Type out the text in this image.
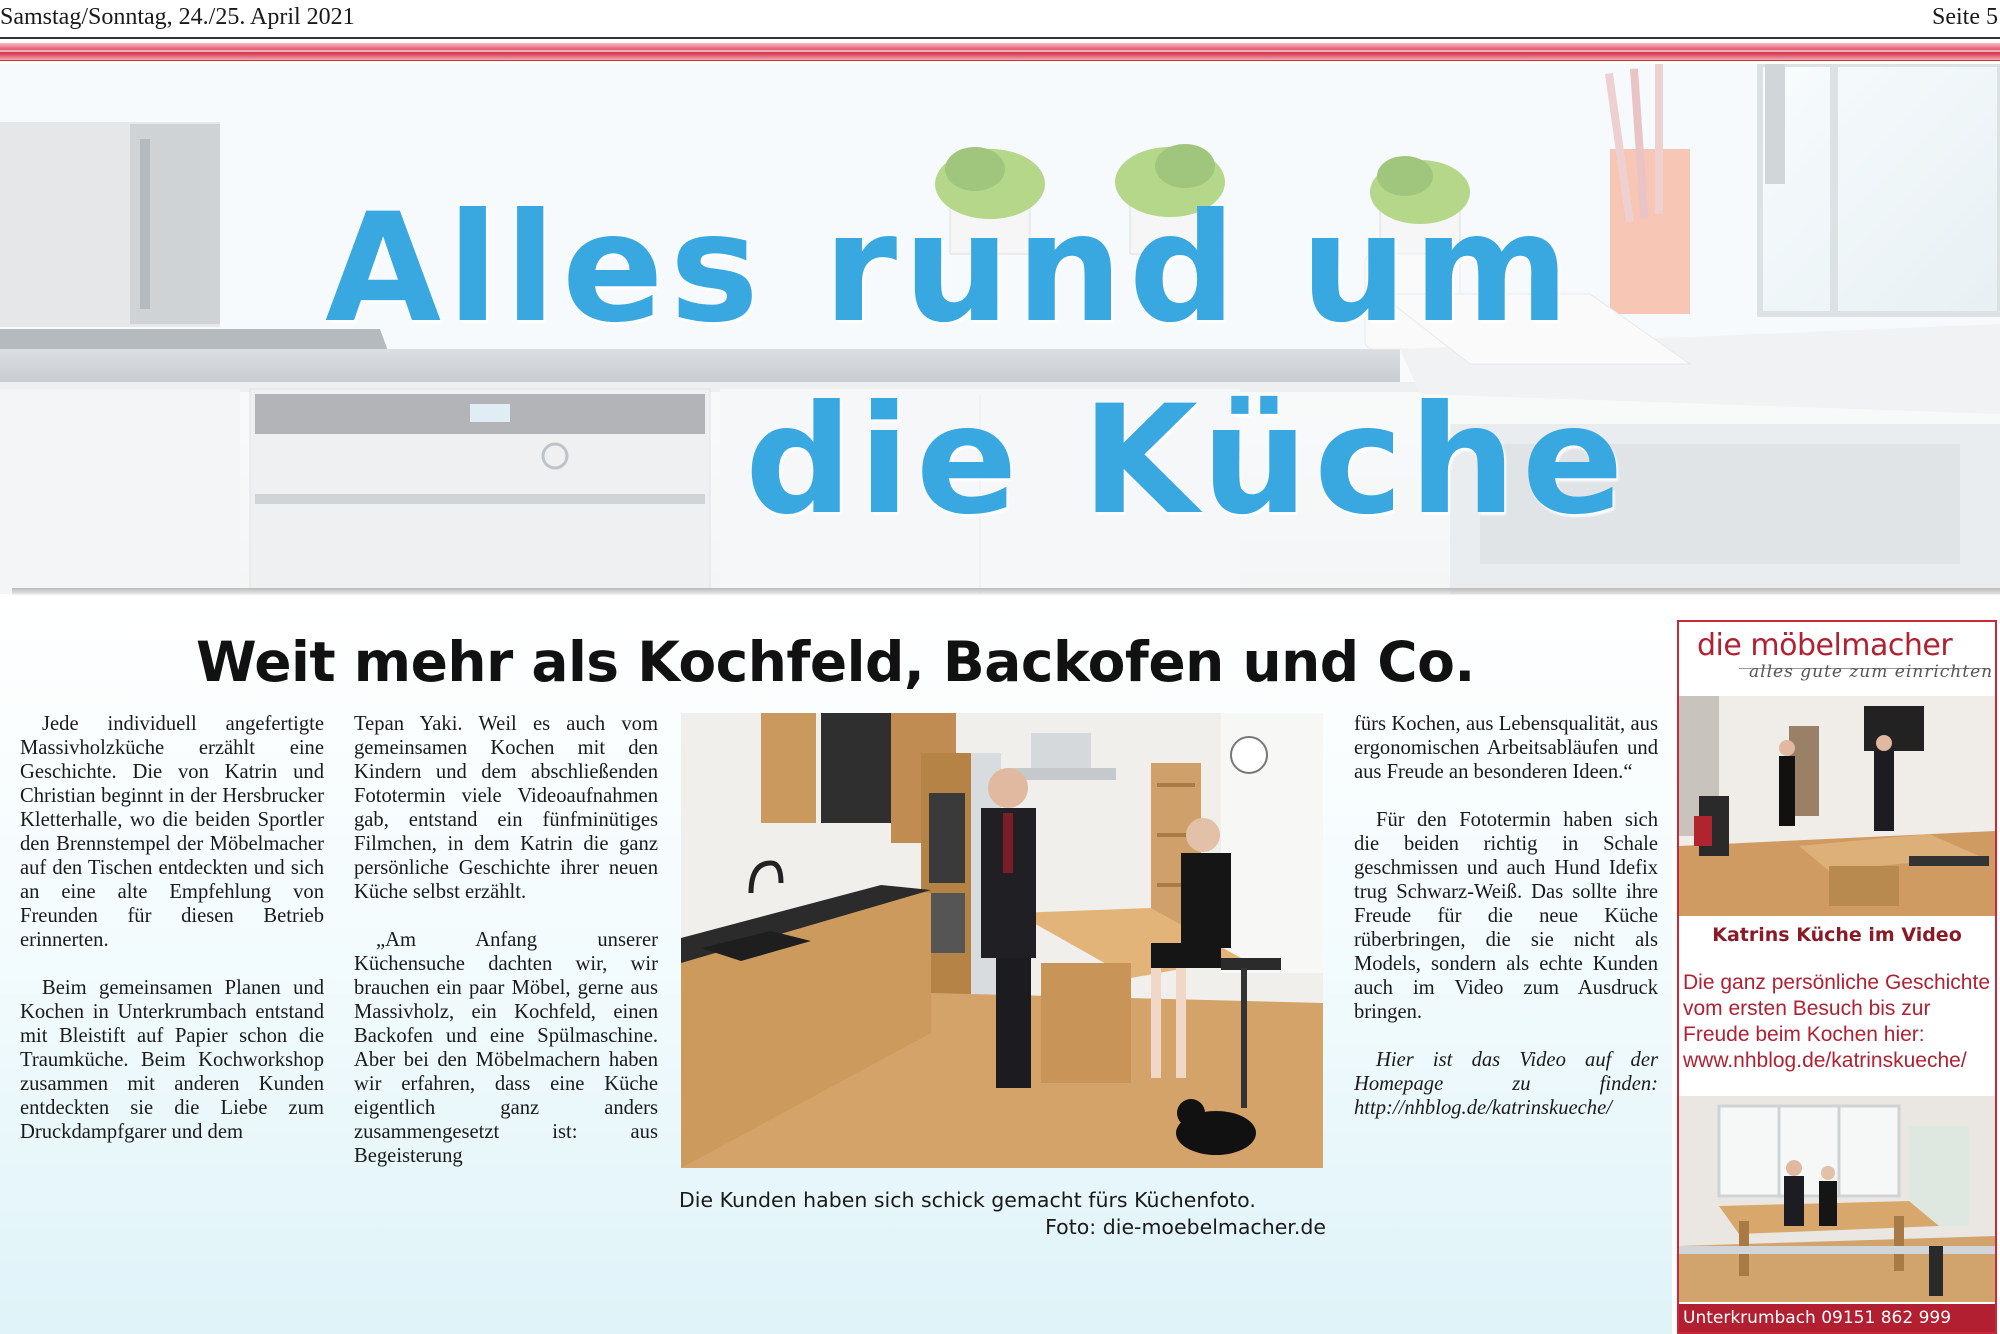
Samstag/Sonntag, 24./25. April 2021	Seite 5
Alles rund um
die Küche
Weit mehr als Kochfeld, Backofen und Co.

Jede individuell angefertigte Massivholzküche erzählt eine Geschichte. Die von Katrin und Christian beginnt in der Hersbrucker Kletterhalle, wo die beiden Sportler den Brennstempel der Möbelmacher auf den Tischen entdeckten und sich an eine alte Empfehlung von Freunden für diesen Betrieb erinnerten.

Beim gemeinsamen Planen und Kochen in Unterkrumbach entstand mit Bleistift auf Papier schon die Traumküche. Beim Kochworkshop zusammen mit anderen Kunden entdeckten sie die Liebe zum Druckdampfgarer und dem

Tepan Yaki. Weil es auch vom gemeinsamen Kochen mit den Kindern und dem abschließenden Fototermin viele Videoaufnahmen gab, entstand ein fünfminütiges Filmchen, in dem Katrin die ganz persönliche Geschichte ihrer neuen Küche selbst erzählt.

„Am Anfang unserer Küchensuche dachten wir, wir brauchen ein paar Möbel, gerne aus Massivholz, ein Kochfeld, einen Backofen und eine Spülmaschine. Aber bei den Möbelmachern haben wir erfahren, dass eine Küche eigentlich ganz anders zusammengesetzt ist: aus Begeisterung

Die Kunden haben sich schick gemacht fürs Küchenfoto.
Foto: die-moebelmacher.de

fürs Kochen, aus Lebensqualität, aus ergonomischen Arbeitsabläufen und aus Freude an besonderen Ideen.“

Für den Fototermin haben sich die beiden richtig in Schale geschmissen und auch Hund Idefix trug Schwarz-Weiß. Das sollte ihre Freude für die neue Küche rüberbringen, die sie nicht als Models, sondern als echte Kunden auch im Video zum Ausdruck bringen.

Hier ist das Video auf der Homepage zu finden: http://nhblog.de/katrinskueche/

die möbelmacher
alles gute zum einrichten
Katrins Küche im Video
Die ganz persönliche Geschichte vom ersten Besuch bis zur Freude beim Kochen hier: www.nhblog.de/katrinskueche/
Unterkrumbach 09151 862 999
